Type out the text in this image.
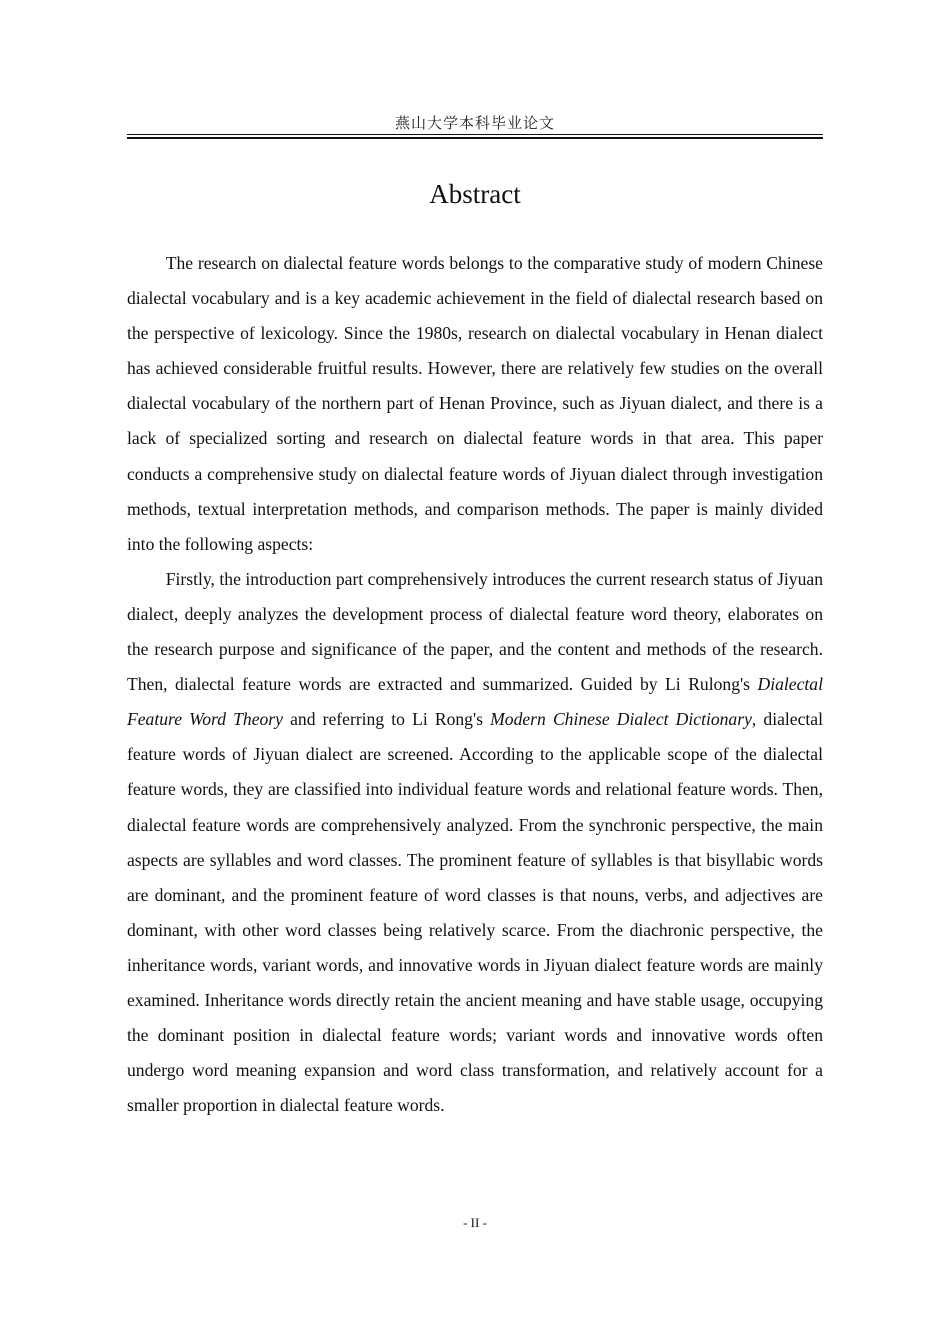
燕山大学本科毕业论文
Abstract

The research on dialectal feature words belongs to the comparative study of modern Chinese dialectal vocabulary and is a key academic achievement in the field of dialectal research based on the perspective of lexicology. Since the 1980s, research on dialectal vocabulary in Henan dialect has achieved considerable fruitful results. However, there are relatively few studies on the overall dialectal vocabulary of the northern part of Henan Province, such as Jiyuan dialect, and there is a lack of specialized sorting and research on dialectal feature words in that area. This paper conducts a comprehensive study on dialectal feature words of Jiyuan dialect through investigation methods, textual interpretation methods, and comparison methods. The paper is mainly divided into the following aspects:

Firstly, the introduction part comprehensively introduces the current research status of Jiyuan dialect, deeply analyzes the development process of dialectal feature word theory, elaborates on the research purpose and significance of the paper, and the content and methods of the research. Then, dialectal feature words are extracted and summarized. Guided by Li Rulong's Dialectal Feature Word Theory and referring to Li Rong's Modern Chinese Dialect Dictionary, dialectal feature words of Jiyuan dialect are screened. According to the applicable scope of the dialectal feature words, they are classified into individual feature words and relational feature words. Then, dialectal feature words are comprehensively analyzed. From the synchronic perspective, the main aspects are syllables and word classes. The prominent feature of syllables is that bisyllabic words are dominant, and the prominent feature of word classes is that nouns, verbs, and adjectives are dominant, with other word classes being relatively scarce. From the diachronic perspective, the inheritance words, variant words, and innovative words in Jiyuan dialect feature words are mainly examined. Inheritance words directly retain the ancient meaning and have stable usage, occupying the dominant position in dialectal feature words; variant words and innovative words often undergo word meaning expansion and word class transformation, and relatively account for a smaller proportion in dialectal feature words.

- II -
